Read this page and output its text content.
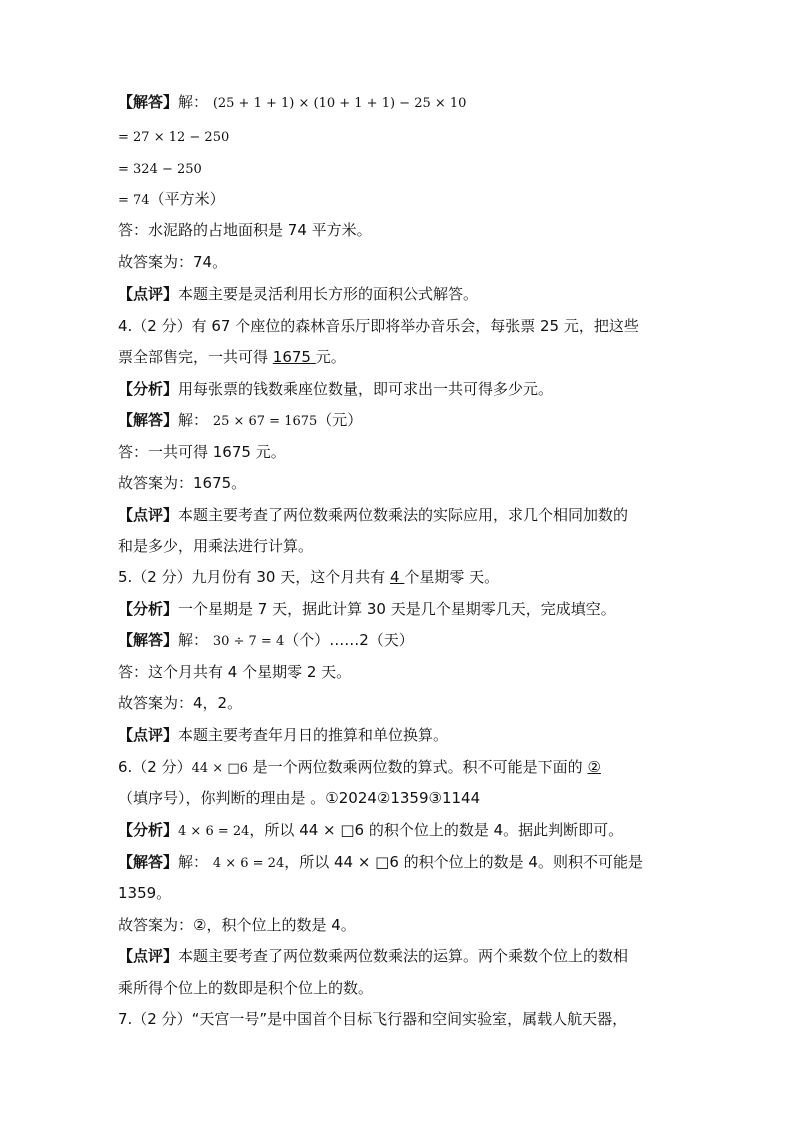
【解答】解： (25 + 1 + 1) × (10 + 1 + 1) − 25 × 10
= 27 × 12 − 250
= 324 − 250
= 74（平方米）
答：水泥路的占地面积是 74 平方米。
故答案为：74。
【点评】本题主要是灵活利用长方形的面积公式解答。
4.（2 分）有 67 个座位的森林音乐厅即将举办音乐会，每张票 25 元，把这些
票全部售完，一共可得 1675 元。
【分析】用每张票的钱数乘座位数量，即可求出一共可得多少元。
【解答】解： 25 × 67 = 1675（元）
答：一共可得 1675 元。
故答案为：1675。
【点评】本题主要考查了两位数乘两位数乘法的实际应用，求几个相同加数的
和是多少，用乘法进行计算。
5.（2 分）九月份有 30 天，这个月共有 4 个星期零 天。
【分析】一个星期是 7 天，据此计算 30 天是几个星期零几天，完成填空。
【解答】解： 30 ÷ 7 = 4（个）……2（天）
答：这个月共有 4 个星期零 2 天。
故答案为：4，2。
【点评】本题主要考查年月日的推算和单位换算。
6.（2 分）44 × □6 是一个两位数乘两位数的算式。积不可能是下面的 ②
（填序号），你判断的理由是 。①2024②1359③1144
【分析】4 × 6 = 24，所以 44 × □6 的积个位上的数是 4。据此判断即可。
【解答】解： 4 × 6 = 24，所以 44 × □6 的积个位上的数是 4。则积不可能是
1359。
故答案为：②，积个位上的数是 4。
【点评】本题主要考查了两位数乘两位数乘法的运算。两个乘数个位上的数相
乘所得个位上的数即是积个位上的数。
7.（2 分）“天宫一号”是中国首个目标飞行器和空间实验室，属载人航天器，
